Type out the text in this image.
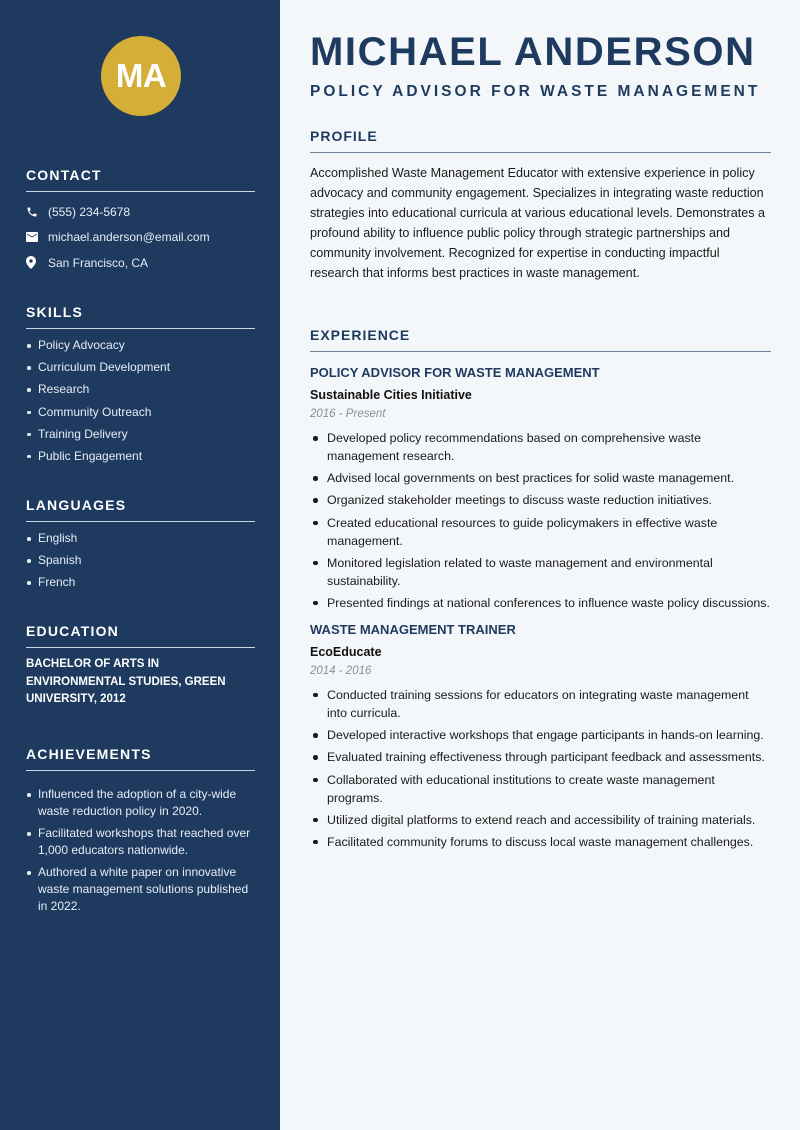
MA
CONTACT
(555) 234-5678
michael.anderson@email.com
San Francisco, CA
SKILLS
Policy Advocacy
Curriculum Development
Research
Community Outreach
Training Delivery
Public Engagement
LANGUAGES
English
Spanish
French
EDUCATION

BACHELOR OF ARTS IN ENVIRONMENTAL STUDIES, GREEN UNIVERSITY, 2012

ACHIEVEMENTS
Influenced the adoption of a city-wide waste reduction policy in 2020.
Facilitated workshops that reached over 1,000 educators nationwide.
Authored a white paper on innovative waste management solutions published in 2022.
MICHAEL ANDERSON
POLICY ADVISOR FOR WASTE MANAGEMENT
PROFILE

Accomplished Waste Management Educator with extensive experience in policy advocacy and community engagement. Specializes in integrating waste reduction strategies into educational curricula at various educational levels. Demonstrates a profound ability to influence public policy through strategic partnerships and community involvement. Recognized for expertise in conducting impactful research that informs best practices in waste management.

EXPERIENCE
POLICY ADVISOR FOR WASTE MANAGEMENT
Sustainable Cities Initiative
2016 - Present
Developed policy recommendations based on comprehensive waste management research.
Advised local governments on best practices for solid waste management.
Organized stakeholder meetings to discuss waste reduction initiatives.
Created educational resources to guide policymakers in effective waste management.
Monitored legislation related to waste management and environmental sustainability.
Presented findings at national conferences to influence waste policy discussions.
WASTE MANAGEMENT TRAINER
EcoEducate
2014 - 2016
Conducted training sessions for educators on integrating waste management into curricula.
Developed interactive workshops that engage participants in hands-on learning.
Evaluated training effectiveness through participant feedback and assessments.
Collaborated with educational institutions to create waste management programs.
Utilized digital platforms to extend reach and accessibility of training materials.
Facilitated community forums to discuss local waste management challenges.
